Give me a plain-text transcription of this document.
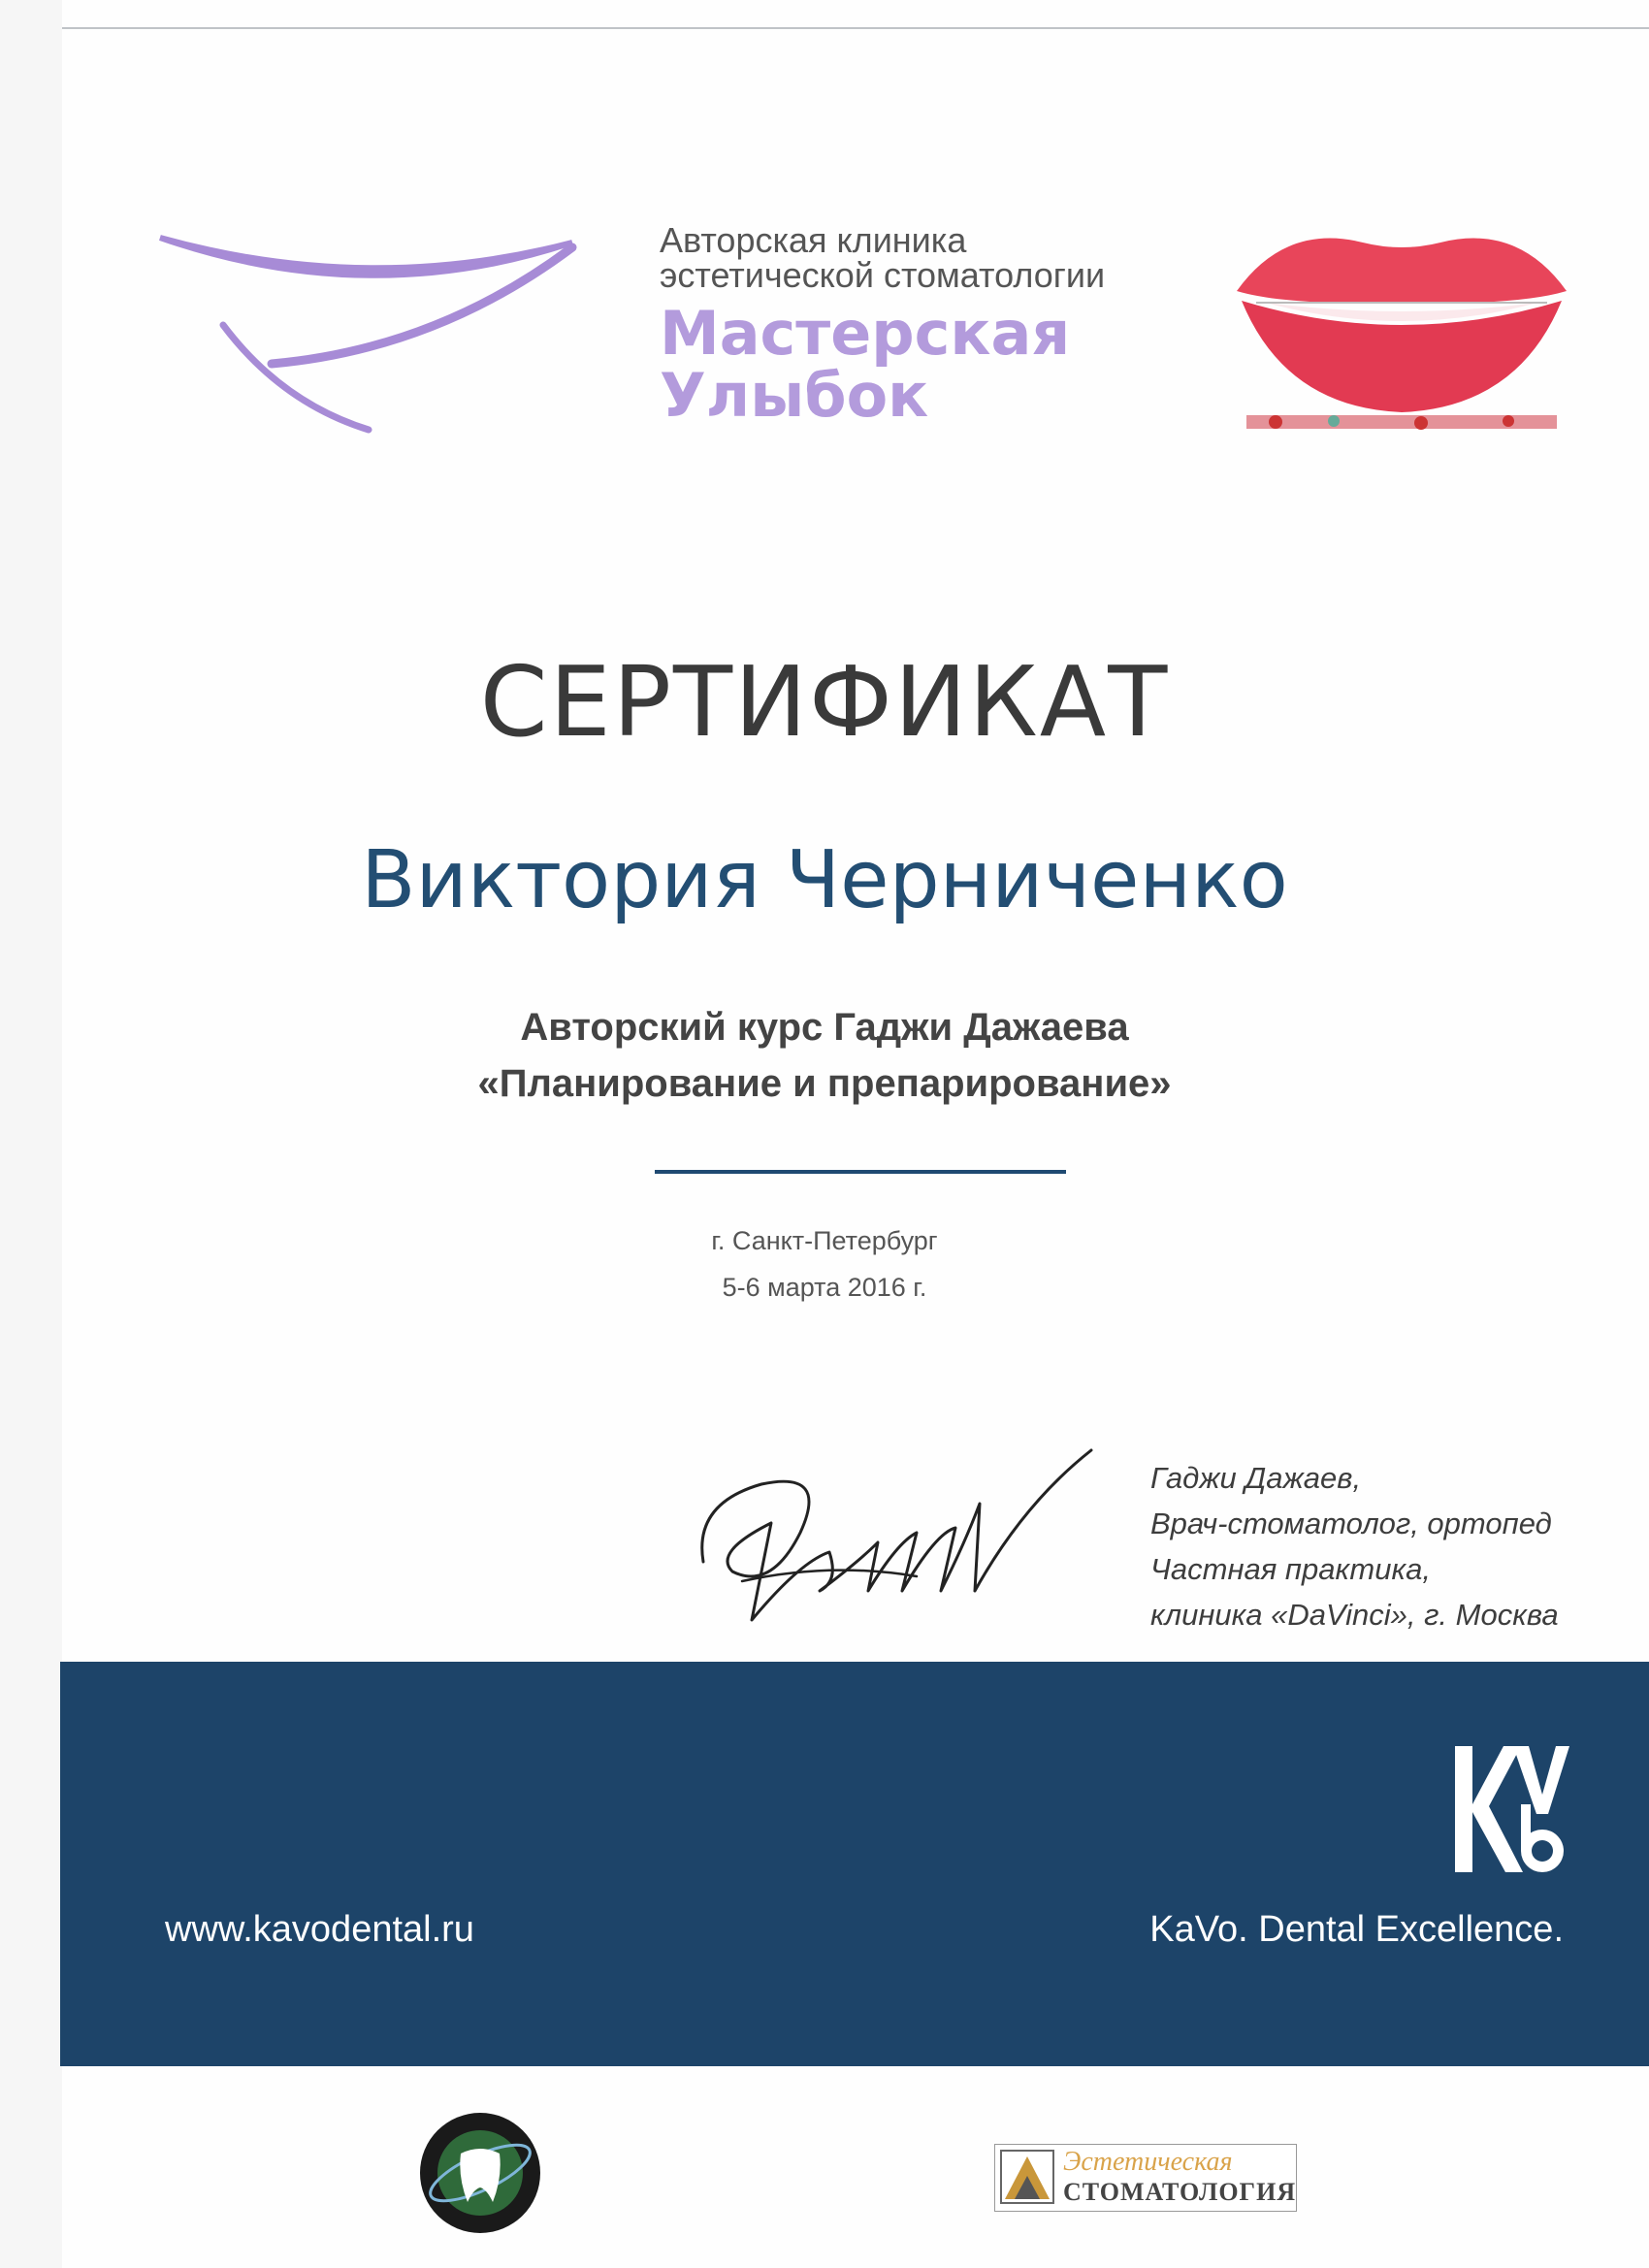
Авторская клиника
эстетической стоматологии
Мастерская
Улыбок
СЕРТИФИКАТ
Виктория Черниченко
Авторский курс Гаджи Дажаева
«Планирование и препарирование»
г. Санкт-Петербург
5-6 марта 2016 г.
Гаджи Дажаев,
Врач-стоматолог, ортопед
Частная практика,
клиника «DaVinci», г. Москва
www.kavodental.ru	KaVo. Dental Excellence.
Эстетическая
СТОМАТОЛОГИЯ
